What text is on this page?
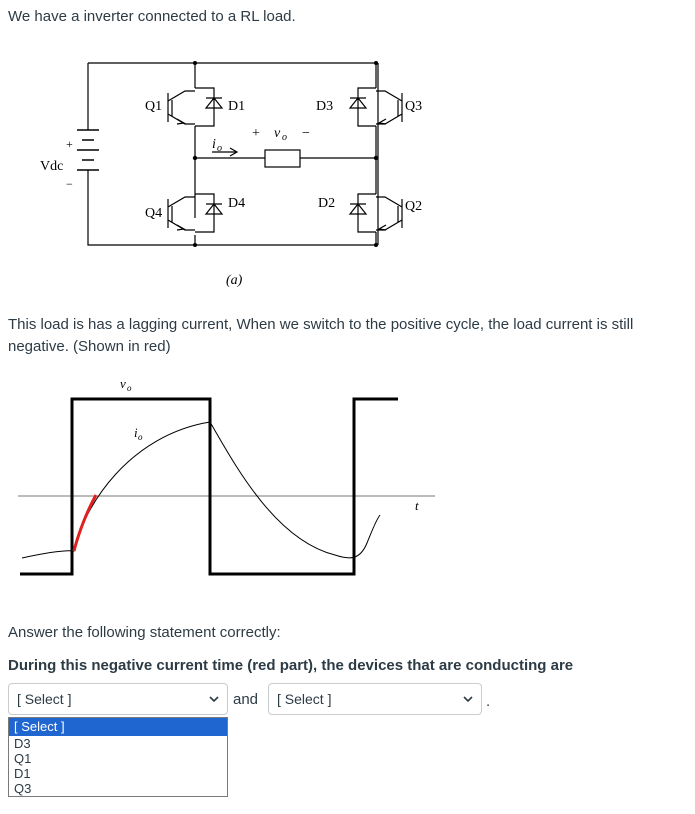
We have a inverter connected to a RL load.
Vdc
+
−
Q1	D1	D3	Q3
Q4
D4	D2	Q2
+ v o −
i o
(a)
This load is has a lagging current, When we switch to the positive cycle, the load current is still negative. (Shown in red)
v o
i o
t
Answer the following statement correctly:
During this negative current time (red part), the devices that are conducting are
[ Select ]	and [ Select ]	.
[ Select ]
D3
Q1
D1
Q3
